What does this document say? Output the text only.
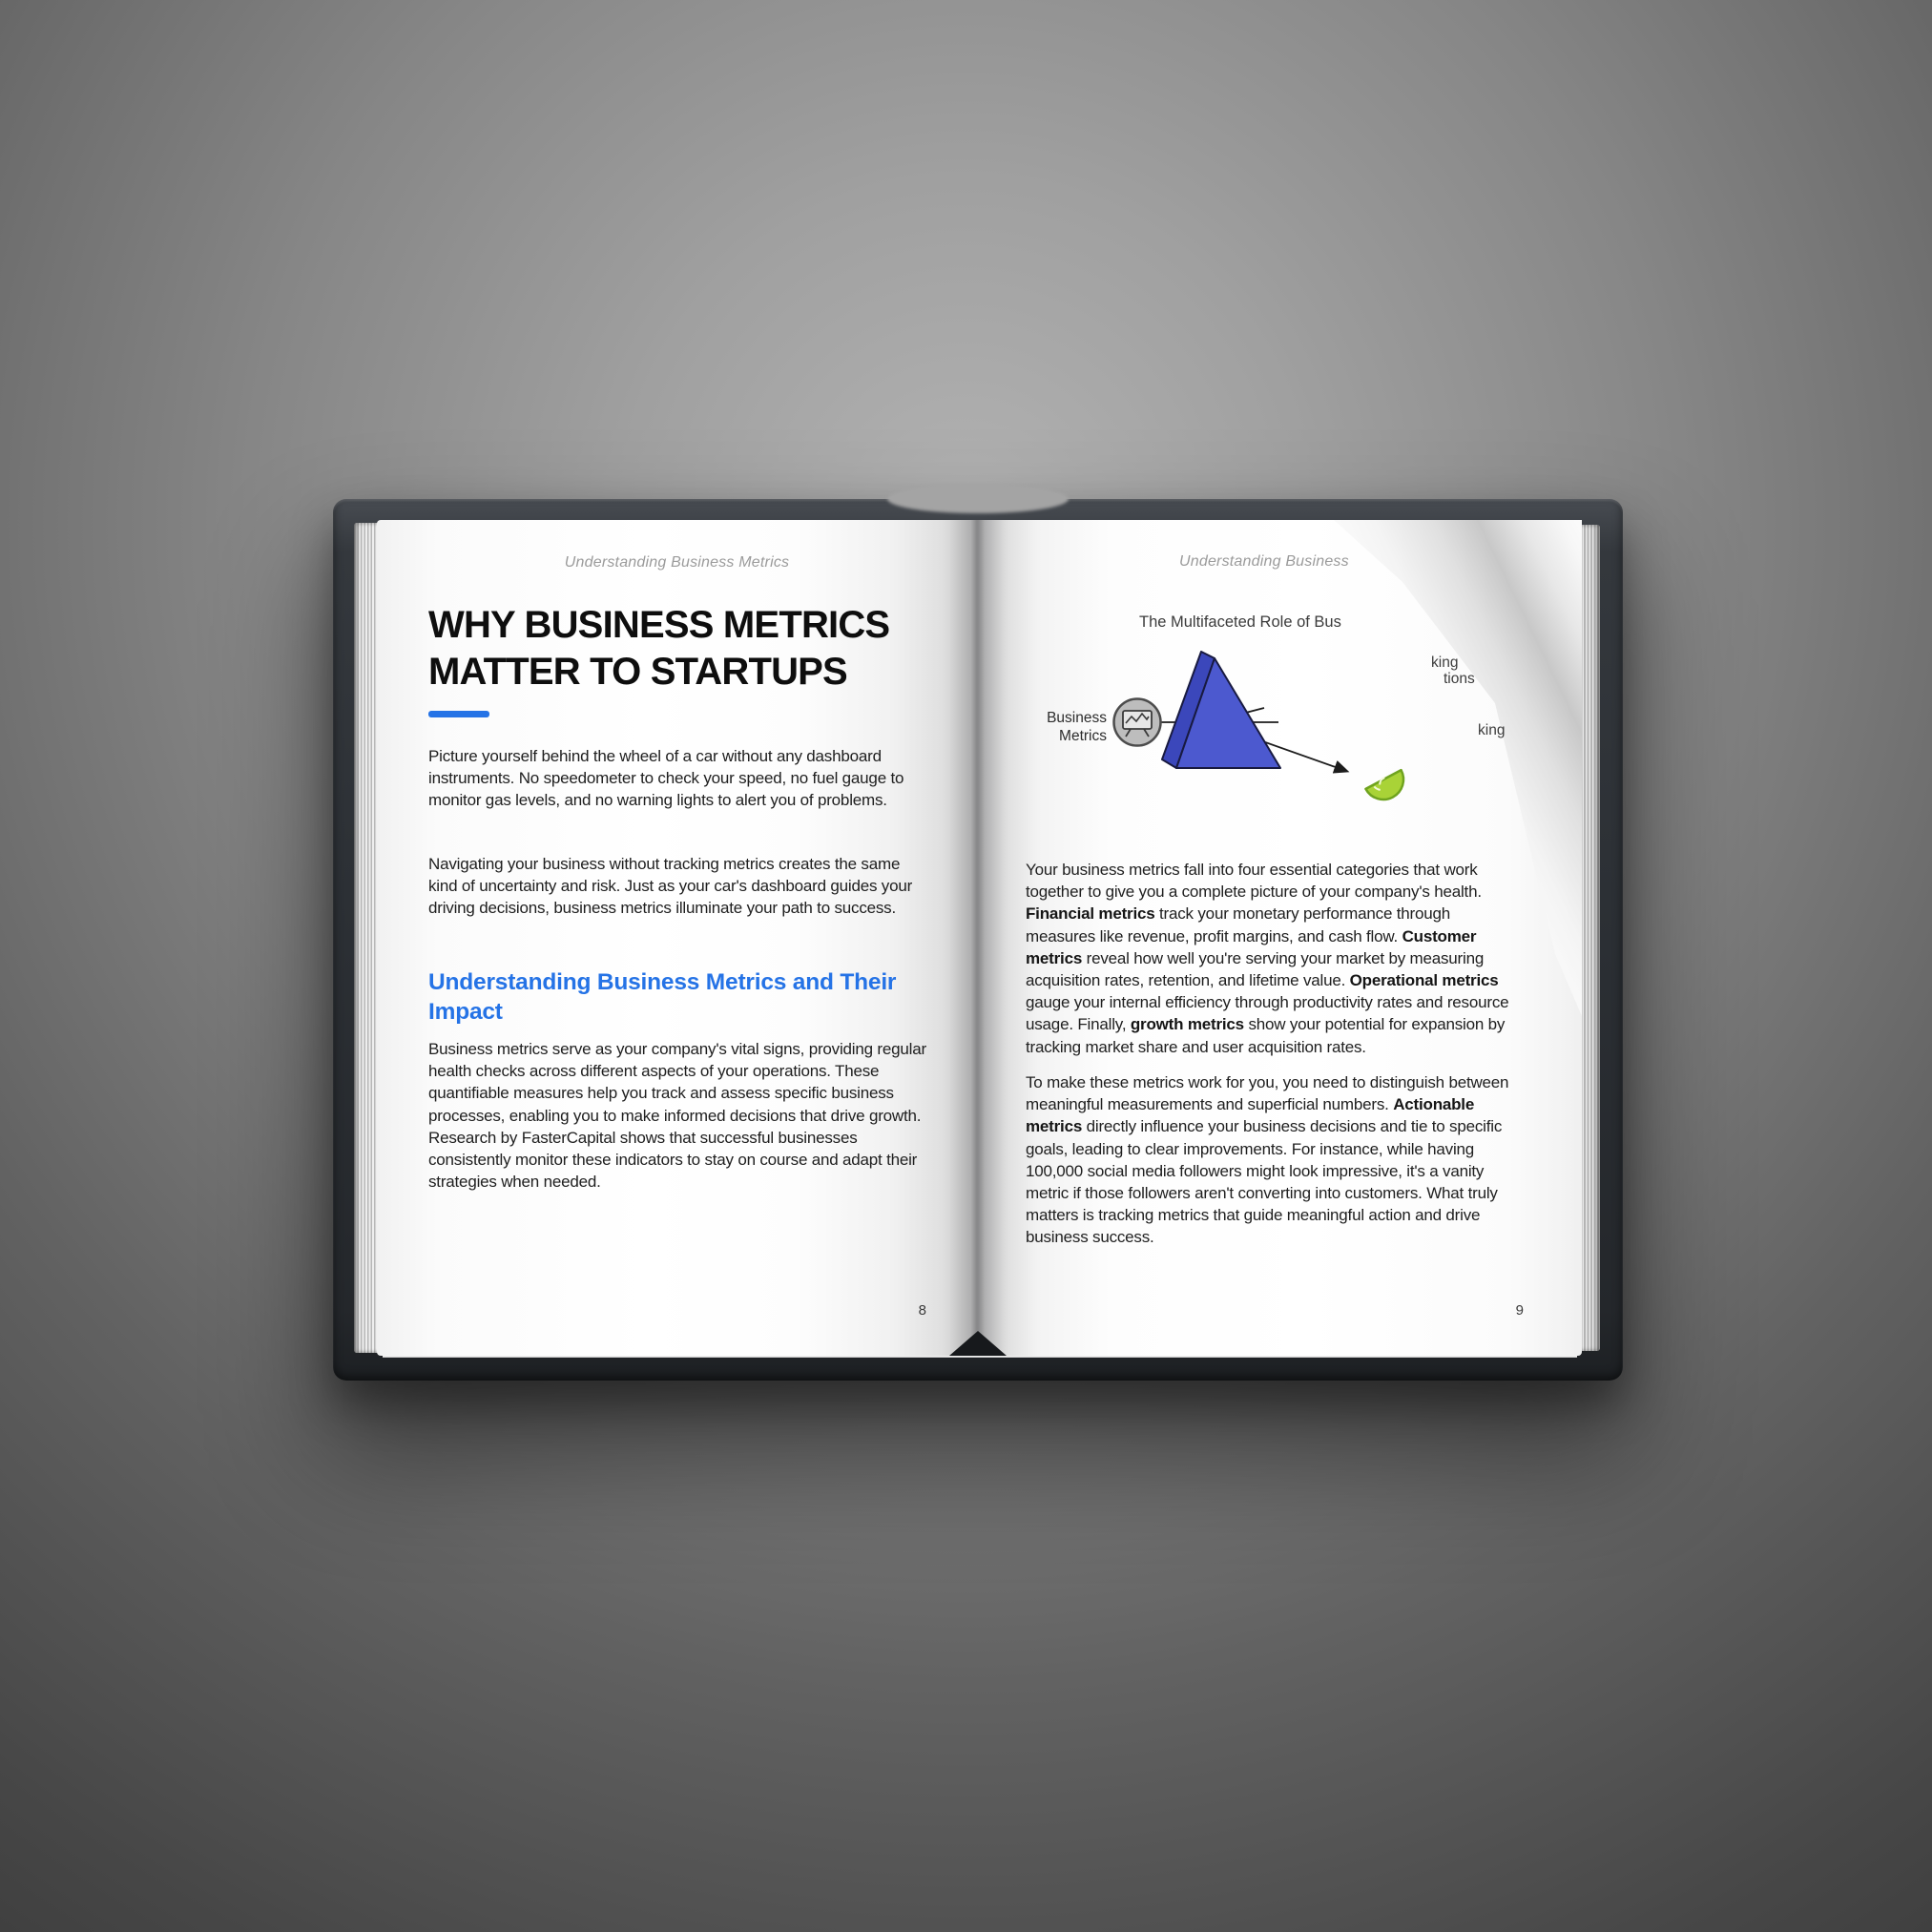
Understanding Business Metrics
WHY BUSINESS METRICS
MATTER TO STARTUPS
Picture yourself behind the wheel of a car without any dashboard instruments. No speedometer to check your speed, no fuel gauge to monitor gas levels, and no warning lights to alert you of problems.
Navigating your business without tracking metrics creates the same kind of uncertainty and risk. Just as your car's dashboard guides your driving decisions, business metrics illuminate your path to success.
Understanding Business Metrics and Their Impact
Business metrics serve as your company's vital signs, providing regular health checks across different aspects of your operations. These quantifiable measures help you track and assess specific business processes, enabling you to make informed decisions that drive growth. Research by FasterCapital shows that successful businesses consistently monitor these indicators to stay on course and adapt their strategies when needed.
8
Understanding Business
The Multifaceted Role of Bus
Business
Metrics
Your business metrics fall into four essential categories that work together to give you a complete picture of your company's health. Financial metrics track your monetary performance through measures like revenue, profit margins, and cash flow. Customer metrics reveal how well you're serving your market by measuring acquisition rates, retention, and lifetime value. Operational metrics gauge your internal efficiency through productivity rates and resource usage. Finally, growth metrics show your potential for expansion by tracking market share and user acquisition rates.
To make these metrics work for you, you need to distinguish between meaningful measurements and superficial numbers. Actionable metrics directly influence your business decisions and tie to specific goals, leading to clear improvements. For instance, while having 100,000 social media followers might look impressive, it's a vanity metric if those followers aren't converting into customers. What truly matters is tracking metrics that guide meaningful action and drive business success.
9
king
tions
king
